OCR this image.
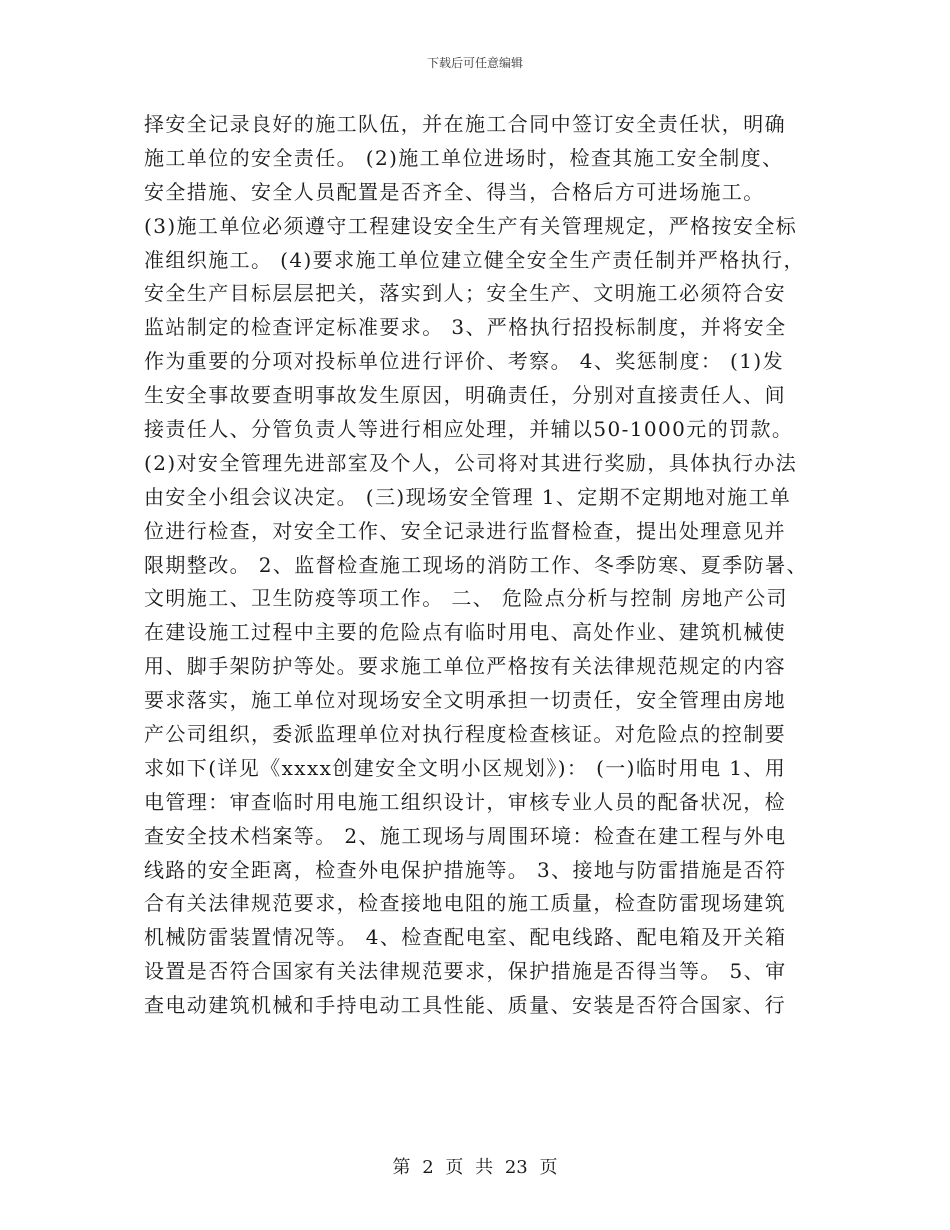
下载后可任意编辑
择安全记录良好的施工队伍，并在施工合同中签订安全责任状，明确
施工单位的安全责任。 (2)施工单位进场时，检查其施工安全制度、
安全措施、安全人员配置是否齐全、得当，合格后方可进场施工。
(3)施工单位必须遵守工程建设安全生产有关管理规定，严格按安全标
准组织施工。 (4)要求施工单位建立健全安全生产责任制并严格执行，
安全生产目标层层把关，落实到人；安全生产、文明施工必须符合安
监站制定的检查评定标准要求。 3、严格执行招投标制度，并将安全
作为重要的分项对投标单位进行评价、考察。 4、奖惩制度： (1)发
生安全事故要查明事故发生原因，明确责任，分别对直接责任人、间
接责任人、分管负责人等进行相应处理，并辅以50-1000元的罚款。
(2)对安全管理先进部室及个人，公司将对其进行奖励，具体执行办法
由安全小组会议决定。 (三)现场安全管理 1、定期不定期地对施工单
位进行检查，对安全工作、安全记录进行监督检查，提出处理意见并
限期整改。 2、监督检查施工现场的消防工作、冬季防寒、夏季防暑、
文明施工、卫生防疫等项工作。 二、 危险点分析与控制 房地产公司
在建设施工过程中主要的危险点有临时用电、高处作业、建筑机械使
用、脚手架防护等处。要求施工单位严格按有关法律规范规定的内容
要求落实，施工单位对现场安全文明承担一切责任，安全管理由房地
产公司组织，委派监理单位对执行程度检查核证。对危险点的控制要
求如下(详见《xxxx创建安全文明小区规划》)： (一)临时用电 1、用
电管理：审查临时用电施工组织设计，审核专业人员的配备状况，检
查安全技术档案等。 2、施工现场与周围环境：检查在建工程与外电
线路的安全距离，检查外电保护措施等。 3、接地与防雷措施是否符
合有关法律规范要求，检查接地电阻的施工质量，检查防雷现场建筑
机械防雷装置情况等。 4、检查配电室、配电线路、配电箱及开关箱
设置是否符合国家有关法律规范要求，保护措施是否得当等。 5、审
查电动建筑机械和手持电动工具性能、质量、安装是否符合国家、行
第 2 页 共 23 页
